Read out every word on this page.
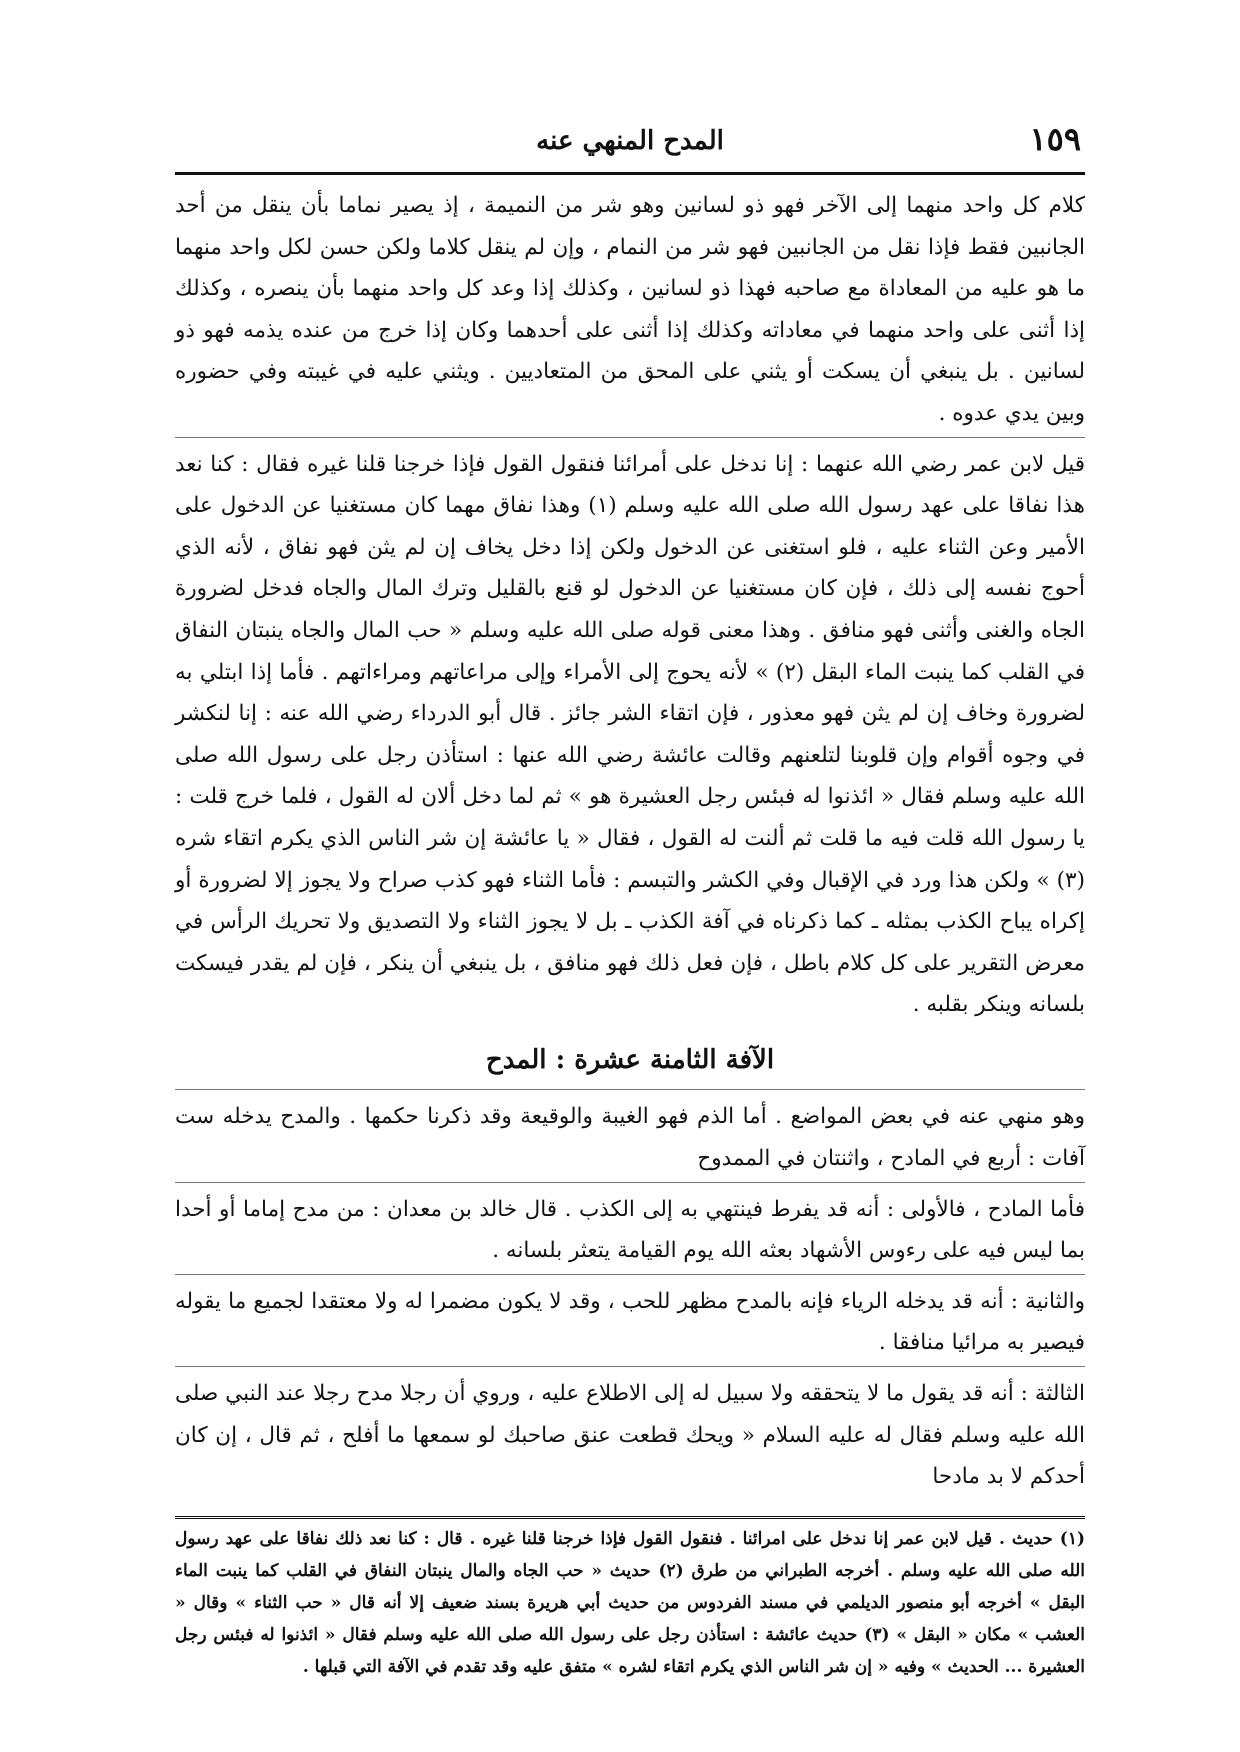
١٥٩
المدح المنهي عنه

كلام كل واحد منهما إلى الآخر فهو ذو لسانين وهو شر من النميمة ، إذ يصير نماما بأن ينقل من أحد الجانبين فقط فإذا نقل من الجانبين فهو شر من النمام ، وإن لم ينقل كلاما ولكن حسن لكل واحد منهما ما هو عليه من المعاداة مع صاحبه فهذا ذو لسانين ، وكذلك إذا وعد كل واحد منهما بأن ينصره ، وكذلك إذا أثنى على واحد منهما في معاداته وكذلك إذا أثنى على أحدهما وكان إذا خرج من عنده يذمه فهو ذو لسانين . بل ينبغي أن يسكت أو يثني على المحق من المتعاديين . ويثني عليه في غيبته وفي حضوره وبين يدي عدوه .

قيل لابن عمر رضي الله عنهما : إنا ندخل على أمرائنا فنقول القول فإذا خرجنا قلنا غيره فقال : كنا نعد هذا نفاقا على عهد رسول الله صلى الله عليه وسلم (١) وهذا نفاق مهما كان مستغنيا عن الدخول على الأمير وعن الثناء عليه ، فلو استغنى عن الدخول ولكن إذا دخل يخاف إن لم يثن فهو نفاق ، لأنه الذي أحوج نفسه إلى ذلك ، فإن كان مستغنيا عن الدخول لو قنع بالقليل وترك المال والجاه فدخل لضرورة الجاه والغنى وأثنى فهو منافق . وهذا معنى قوله صلى الله عليه وسلم « حب المال والجاه ينبتان النفاق في القلب كما ينبت الماء البقل (٢) » لأنه يحوج إلى الأمراء وإلى مراعاتهم ومراءاتهم . فأما إذا ابتلي به لضرورة وخاف إن لم يثن فهو معذور ، فإن اتقاء الشر جائز . قال أبو الدرداء رضي الله عنه : إنا لنكشر في وجوه أقوام وإن قلوبنا لتلعنهم وقالت عائشة رضي الله عنها : استأذن رجل على رسول الله صلى الله عليه وسلم فقال « ائذنوا له فبئس رجل العشيرة هو » ثم لما دخل ألان له القول ، فلما خرج قلت : يا رسول الله قلت فيه ما قلت ثم ألنت له القول ، فقال « يا عائشة إن شر الناس الذي يكرم اتقاء شره (٣) » ولكن هذا ورد في الإقبال وفي الكشر والتبسم : فأما الثناء فهو كذب صراح ولا يجوز إلا لضرورة أو إكراه يباح الكذب بمثله ـ كما ذكرناه في آفة الكذب ـ بل لا يجوز الثناء ولا التصديق ولا تحريك الرأس في معرض التقرير على كل كلام باطل ، فإن فعل ذلك فهو منافق ، بل ينبغي أن ينكر ، فإن لم يقدر فيسكت بلسانه وينكر بقلبه .

الآفة الثامنة عشرة : المدح

وهو منهي عنه في بعض المواضع . أما الذم فهو الغيبة والوقيعة وقد ذكرنا حكمها . والمدح يدخله ست آفات : أربع في المادح ، واثنتان في الممدوح

فأما المادح ، فالأولى : أنه قد يفرط فينتهي به إلى الكذب . قال خالد بن معدان : من مدح إماما أو أحدا بما ليس فيه على رءوس الأشهاد بعثه الله يوم القيامة يتعثر بلسانه .

والثانية : أنه قد يدخله الرياء فإنه بالمدح مظهر للحب ، وقد لا يكون مضمرا له ولا معتقدا لجميع ما يقوله فيصير به مرائيا منافقا .

الثالثة : أنه قد يقول ما لا يتحققه ولا سبيل له إلى الاطلاع عليه ، وروي أن رجلا مدح رجلا عند النبي صلى الله عليه وسلم فقال له عليه السلام « ويحك قطعت عنق صاحبك لو سمعها ما أفلح ، ثم قال ، إن كان أحدكم لا بد مادحا

(١) حديث . قيل لابن عمر إنا ندخل على امرائنا . فنقول القول فإذا خرجنا قلنا غيره . قال : كنا نعد ذلك نفاقا على عهد رسول الله صلى الله عليه وسلم . أخرجه الطبراني من طرق (٢) حديث « حب الجاه والمال ينبتان النفاق في القلب كما ينبت الماء البقل » أخرجه أبو منصور الديلمي في مسند الفردوس من حديث أبي هريرة بسند ضعيف إلا أنه قال « حب الثناء » وقال « العشب » مكان « البقل » (٣) حديث عائشة : استأذن رجل على رسول الله صلى الله عليه وسلم فقال « ائذنوا له فبئس رجل العشيرة ... الحديث » وفيه « إن شر الناس الذي يكرم اتقاء لشره » متفق عليه وقد تقدم في الآفة التي قبلها .
